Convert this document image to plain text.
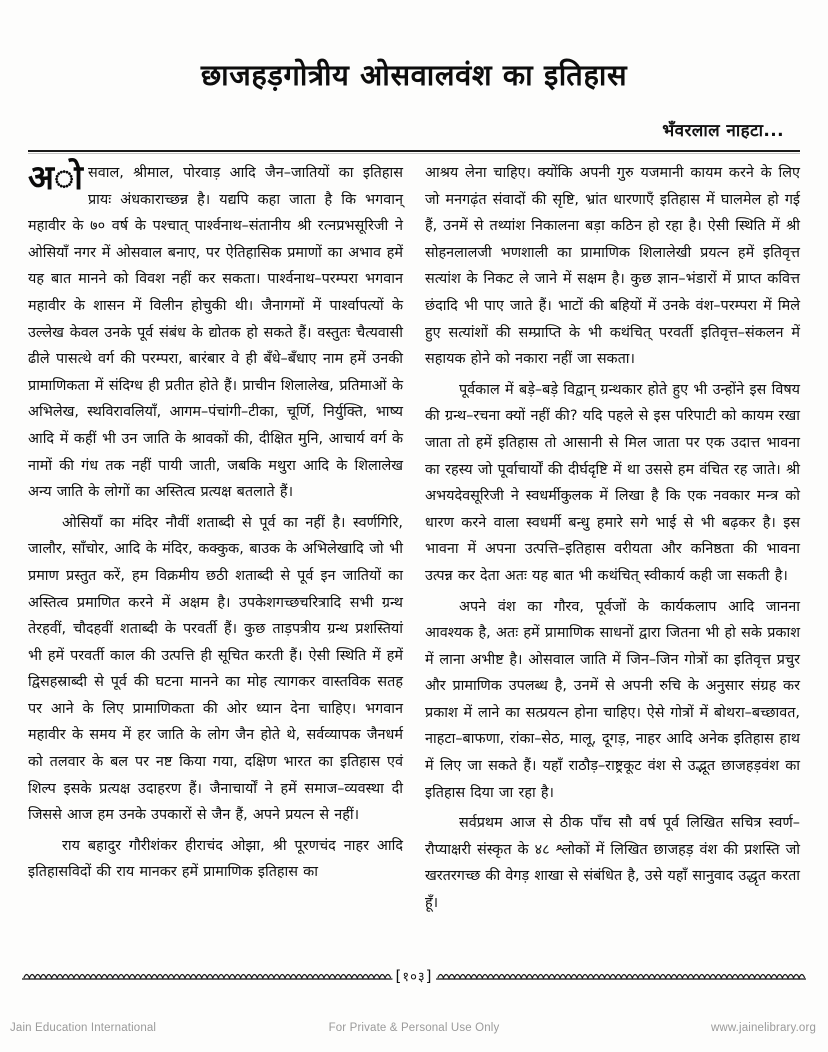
छाजहड़गोत्रीय ओसवालवंश का इतिहास
भँवरलाल नाहटा...

अोसवाल, श्रीमाल, पोरवाड़ आदि जैन–जातियों का इतिहास प्रायः अंधकाराच्छन्न है। यद्यपि कहा जाता है कि भगवान् महावीर के ७० वर्ष के पश्चात् पार्श्वनाथ–संतानीय श्री रत्नप्रभसूरिजी ने ओसियाँ नगर में ओसवाल बनाए, पर ऐतिहासिक प्रमाणों का अभाव हमें यह बात मानने को विवश नहीं कर सकता। पार्श्वनाथ–परम्परा भगवान महावीर के शासन में विलीन होचुकी थी। जैनागमों में पार्श्वापत्यों के उल्लेख केवल उनके पूर्व संबंध के द्योतक हो सकते हैं। वस्तुतः चैत्यवासी ढीले पासत्थे वर्ग की परम्परा, बारंबार वे ही बँधे–बँधाए नाम हमें उनकी प्रामाणिकता में संदिग्ध ही प्रतीत होते हैं। प्राचीन शिलालेख, प्रतिमाओं के अभिलेख, स्थविरावलियाँ, आगम–पंचांगी–टीका, चूर्णि, निर्युक्ति, भाष्य आदि में कहीं भी उन जाति के श्रावकों की, दीक्षित मुनि, आचार्य वर्ग के नामों की गंध तक नहीं पायी जाती, जबकि मथुरा आदि के शिलालेख अन्य जाति के लोगों का अस्तित्व प्रत्यक्ष बतलाते हैं।

ओसियाँ का मंदिर नौवीं शताब्दी से पूर्व का नहीं है। स्वर्णगिरि, जालौर, साँचोर, आदि के मंदिर, कक्कुक, बाउक के अभिलेखादि जो भी प्रमाण प्रस्तुत करें, हम विक्रमीय छठी शताब्दी से पूर्व इन जातियों का अस्तित्व प्रमाणित करने में अक्षम है। उपकेशगच्छचरित्रादि सभी ग्रन्थ तेरहवीं, चौदहवीं शताब्दी के परवर्ती हैं। कुछ ताड़पत्रीय ग्रन्थ प्रशस्तियां भी हमें परवर्ती काल की उत्पत्ति ही सूचित करती हैं। ऐसी स्थिति में हमें द्विसहस्राब्दी से पूर्व की घटना मानने का मोह त्यागकर वास्तविक सतह पर आने के लिए प्रामाणिकता की ओर ध्यान देना चाहिए। भगवान महावीर के समय में हर जाति के लोग जैन होते थे, सर्वव्यापक जैनधर्म को तलवार के बल पर नष्ट किया गया, दक्षिण भारत का इतिहास एवं शिल्प इसके प्रत्यक्ष उदाहरण हैं। जैनाचार्यों ने हमें समाज–व्यवस्था दी जिससे आज हम उनके उपकारों से जैन हैं, अपने प्रयत्न से नहीं।

राय बहादुर गौरीशंकर हीराचंद ओझा, श्री पूरणचंद नाहर आदि इतिहासविदों की राय मानकर हमें प्रामाणिक इतिहास का

आश्रय लेना चाहिए। क्योंकि अपनी गुरु यजमानी कायम करने के लिए जो मनगढ़ंत संवादों की सृष्टि, भ्रांत धारणाएँ इतिहास में घालमेल हो गई हैं, उनमें से तथ्यांश निकालना बड़ा कठिन हो रहा है। ऐसी स्थिति में श्री सोहनलालजी भणशाली का प्रामाणिक शिलालेखी प्रयत्न हमें इतिवृत्त सत्यांश के निकट ले जाने में सक्षम है। कुछ ज्ञान–भंडारों में प्राप्त कवित्त छंदादि भी पाए जाते हैं। भाटों की बहियों में उनके वंश–परम्परा में मिले हुए सत्यांशों की सम्प्राप्ति के भी कथंचित् परवर्ती इतिवृत्त–संकलन में सहायक होने को नकारा नहीं जा सकता।

पूर्वकाल में बड़े–बड़े विद्वान् ग्रन्थकार होते हुए भी उन्होंने इस विषय की ग्रन्थ–रचना क्यों नहीं की? यदि पहले से इस परिपाटी को कायम रखा जाता तो हमें इतिहास तो आसानी से मिल जाता पर एक उदात्त भावना का रहस्य जो पूर्वाचार्यों की दीर्घदृष्टि में था उससे हम वंचित रह जाते। श्री अभयदेवसूरिजी ने स्वधर्मीकुलक में लिखा है कि एक नवकार मन्त्र को धारण करने वाला स्वधर्मी बन्धु हमारे सगे भाई से भी बढ़कर है। इस भावना में अपना उत्पत्ति–इतिहास वरीयता और कनिष्ठता की भावना उत्पन्न कर देता अतः यह बात भी कथंचित् स्वीकार्य कही जा सकती है।

अपने वंश का गौरव, पूर्वजों के कार्यकलाप आदि जानना आवश्यक है, अतः हमें प्रामाणिक साधनों द्वारा जितना भी हो सके प्रकाश में लाना अभीष्ट है। ओसवाल जाति में जिन–जिन गोत्रों का इतिवृत्त प्रचुर और प्रामाणिक उपलब्ध है, उनमें से अपनी रुचि के अनुसार संग्रह कर प्रकाश में लाने का सत्प्रयत्न होना चाहिए। ऐसे गोत्रों में बोथरा–बच्छावत, नाहटा–बाफणा, रांका–सेठ, मालू, दूगड़, नाहर आदि अनेक इतिहास हाथ में लिए जा सकते हैं। यहाँ राठौड़–राष्ट्रकूट वंश से उद्भूत छाजहड़वंश का इतिहास दिया जा रहा है।

सर्वप्रथम आज से ठीक पाँच सौ वर्ष पूर्व लिखित सचित्र स्वर्ण–रौप्याक्षरी संस्कृत के ४८ श्लोकों में लिखित छाजहड़ वंश की प्रशस्ति जो खरतरगच्छ की वेगड़ शाखा से संबंधित है, उसे यहाँ सानुवाद उद्धृत करता हूँ।

[१०३]
Jain Education International	For Private & Personal Use Only	www.jainelibrary.org
